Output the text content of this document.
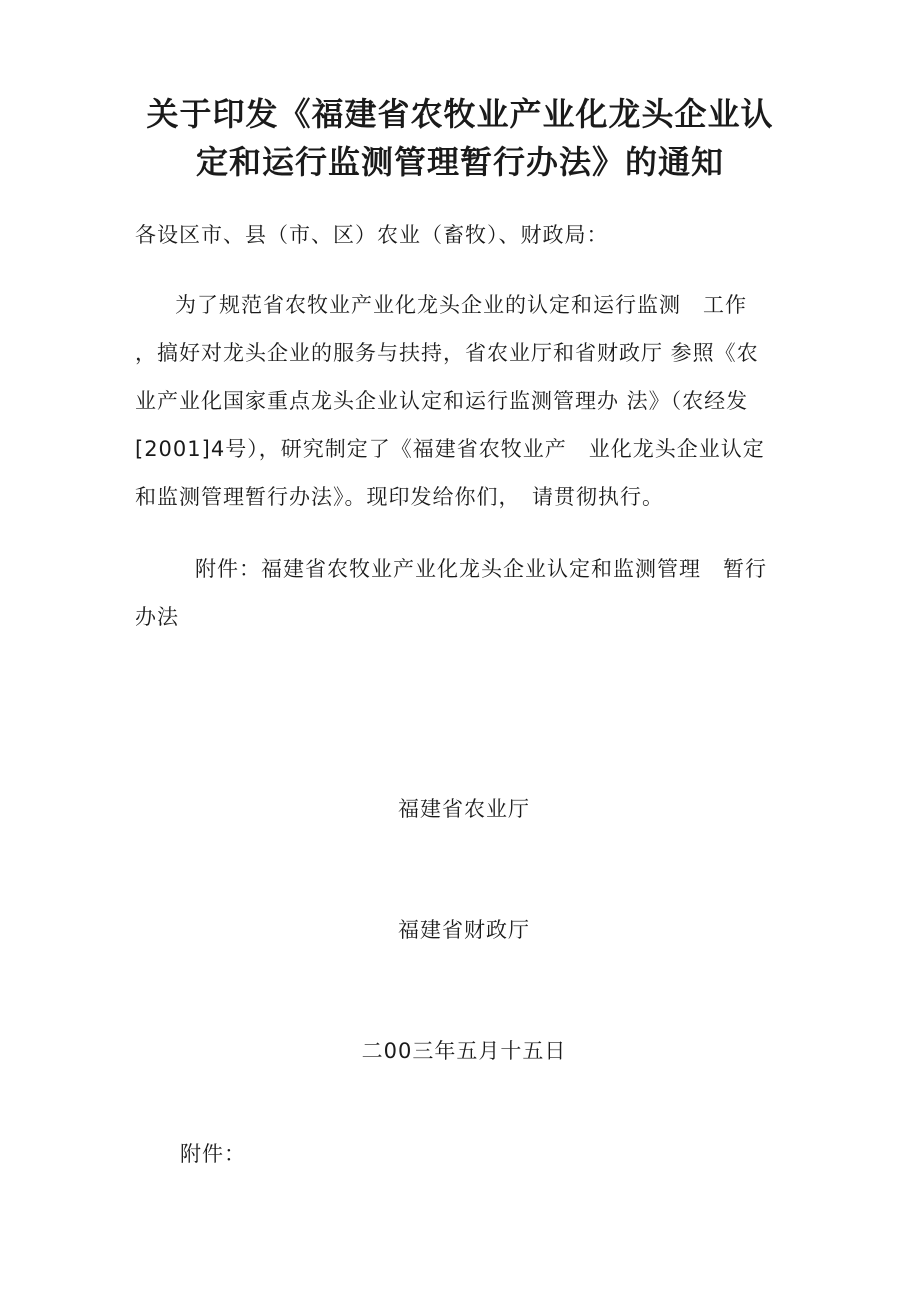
关于印发《福建省农牧业产业化龙头企业认
定和运行监测管理暂行办法》的通知
各设区市、县（市、区）农业（畜牧）、财政局：
为了规范省农牧业产业化龙头企业的认定和运行监测　工作
，搞好对龙头企业的服务与扶持，省农业厅和省财政厅 参照《农
业产业化国家重点龙头企业认定和运行监测管理办 法》（农经发
[2001]4号），研究制定了《福建省农牧业产　业化龙头企业认定
和监测管理暂行办法》。现印发给你们，　请贯彻执行。
附件：福建省农牧业产业化龙头企业认定和监测管理　暂行
办法
福建省农业厅
福建省财政厅
二00三年五月十五日
附件：
